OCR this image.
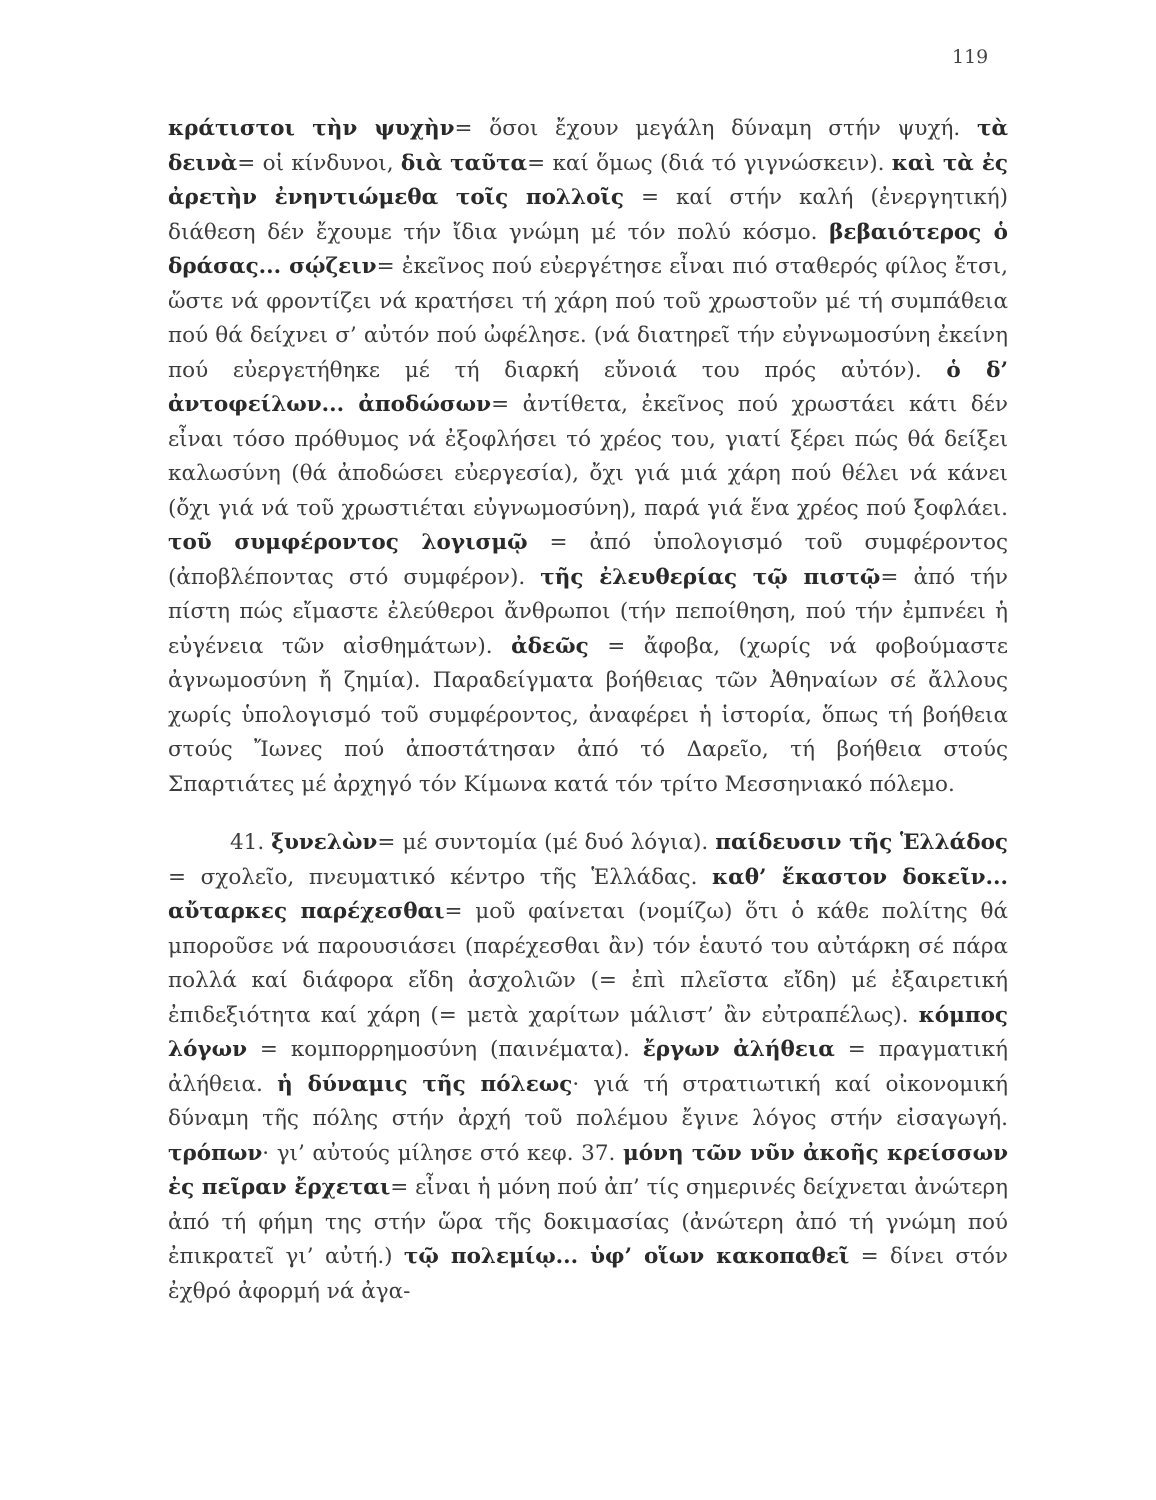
119

κράτιστοι τὴν ψυχὴν= ὅσοι ἔχουν μεγάλη δύναμη στήν ψυχή. τὰ δεινὰ= οἱ κίνδυνοι, διὰ ταῦτα= καί ὅμως (διά τό γιγνώσκειν). καὶ τὰ ἐς ἀρετὴν ἐνηντιώμεθα τοῖς πολλοῖς = καί στήν καλή (ἐνεργητική) διάθεση δέν ἔχουμε τήν ἴδια γνώμη μέ τόν πολύ κόσμο. βεβαιότερος ὁ δράσας... σῴζειν= ἐκεῖνος πού εὐεργέτησε εἶναι πιό σταθερός φίλος ἔτσι, ὥστε νά φροντίζει νά κρατήσει τή χάρη πού τοῦ χρωστοῦν μέ τή συμπάθεια πού θά δείχνει σ’ αὐτόν πού ὠφέλησε. (νά διατηρεῖ τήν εὐγνωμοσύνη ἐκείνη πού εὐεργετήθηκε μέ τή διαρκή εὔνοιά του πρός αὐτόν). ὁ δ’ ἀντοφείλων... ἀποδώσων= ἀντίθετα, ἐκεῖνος πού χρωστάει κάτι δέν εἶναι τόσο πρόθυμος νά ἐξοφλήσει τό χρέος του, γιατί ξέρει πώς θά δείξει καλωσύνη (θά ἀποδώσει εὐεργεσία), ὄχι γιά μιά χάρη πού θέλει νά κάνει (ὄχι γιά νά τοῦ χρωστιέται εὐγνωμοσύνη), παρά γιά ἕνα χρέος πού ξοφλάει. τοῦ συμφέροντος λογισμῷ = ἀπό ὑπολογισμό τοῦ συμφέροντος (ἀποβλέποντας στό συμφέρον). τῆς ἐλευθερίας τῷ πιστῷ= ἀπό τήν πίστη πώς εἴμαστε ἐλεύθεροι ἄνθρωποι (τήν πεποίθηση, πού τήν ἐμπνέει ἡ εὐγένεια τῶν αἰσθημάτων). ἀδεῶς = ἄφοβα, (χωρίς νά φοβούμαστε ἀγνωμοσύνη ἤ ζημία). Παραδείγματα βοήθειας τῶν Ἀθηναίων σέ ἄλλους χωρίς ὑπολογισμό τοῦ συμφέροντος, ἀναφέρει ἡ ἱστορία, ὅπως τή βοήθεια στούς Ἴωνες πού ἀποστάτησαν ἀπό τό Δαρεῖο, τή βοήθεια στούς Σπαρτιάτες μέ ἀρχηγό τόν Κίμωνα κατά τόν τρίτο Μεσσηνιακό πόλεμο.

41. ξυνελὼν= μέ συντομία (μέ δυό λόγια). παίδευσιν τῆς Ἑλλάδος = σχολεῖο, πνευματικό κέντρο τῆς Ἑλλάδας. καθ’ ἕκαστον δοκεῖν... αὔταρκες παρέχεσθαι= μοῦ φαίνεται (νομίζω) ὅτι ὁ κάθε πολίτης θά μποροῦσε νά παρουσιάσει (παρέχεσθαι ἂν) τόν ἑαυτό του αὐτάρκη σέ πάρα πολλά καί διάφορα εἴδη ἀσχολιῶν (= ἐπὶ πλεῖστα εἴδη) μέ ἐξαιρετική ἐπιδεξιότητα καί χάρη (= μετὰ χαρίτων μάλιστ’ ἂν εὐτραπέλως). κόμπος λόγων = κομπορρημοσύνη (παινέματα). ἔργων ἀλήθεια = πραγματική ἀλήθεια. ἡ δύναμις τῆς πόλεως· γιά τή στρατιωτική καί οἰκονομική δύναμη τῆς πόλης στήν ἀρχή τοῦ πολέμου ἔγινε λόγος στήν εἰσαγωγή. τρόπων· γι’ αὐτούς μίλησε στό κεφ. 37. μόνη τῶν νῦν ἀκοῆς κρείσσων ἐς πεῖραν ἔρχεται= εἶναι ἡ μόνη πού ἀπ’ τίς σημερινές δείχνεται ἀνώτερη ἀπό τή φήμη της στήν ὥρα τῆς δοκιμασίας (ἀνώτερη ἀπό τή γνώμη πού ἐπικρατεῖ γι’ αὐτή.) τῷ πολεμίῳ... ὑφ’ οἵων κακοπαθεῖ = δίνει στόν ἐχθρό ἀφορμή νά ἀγα-
